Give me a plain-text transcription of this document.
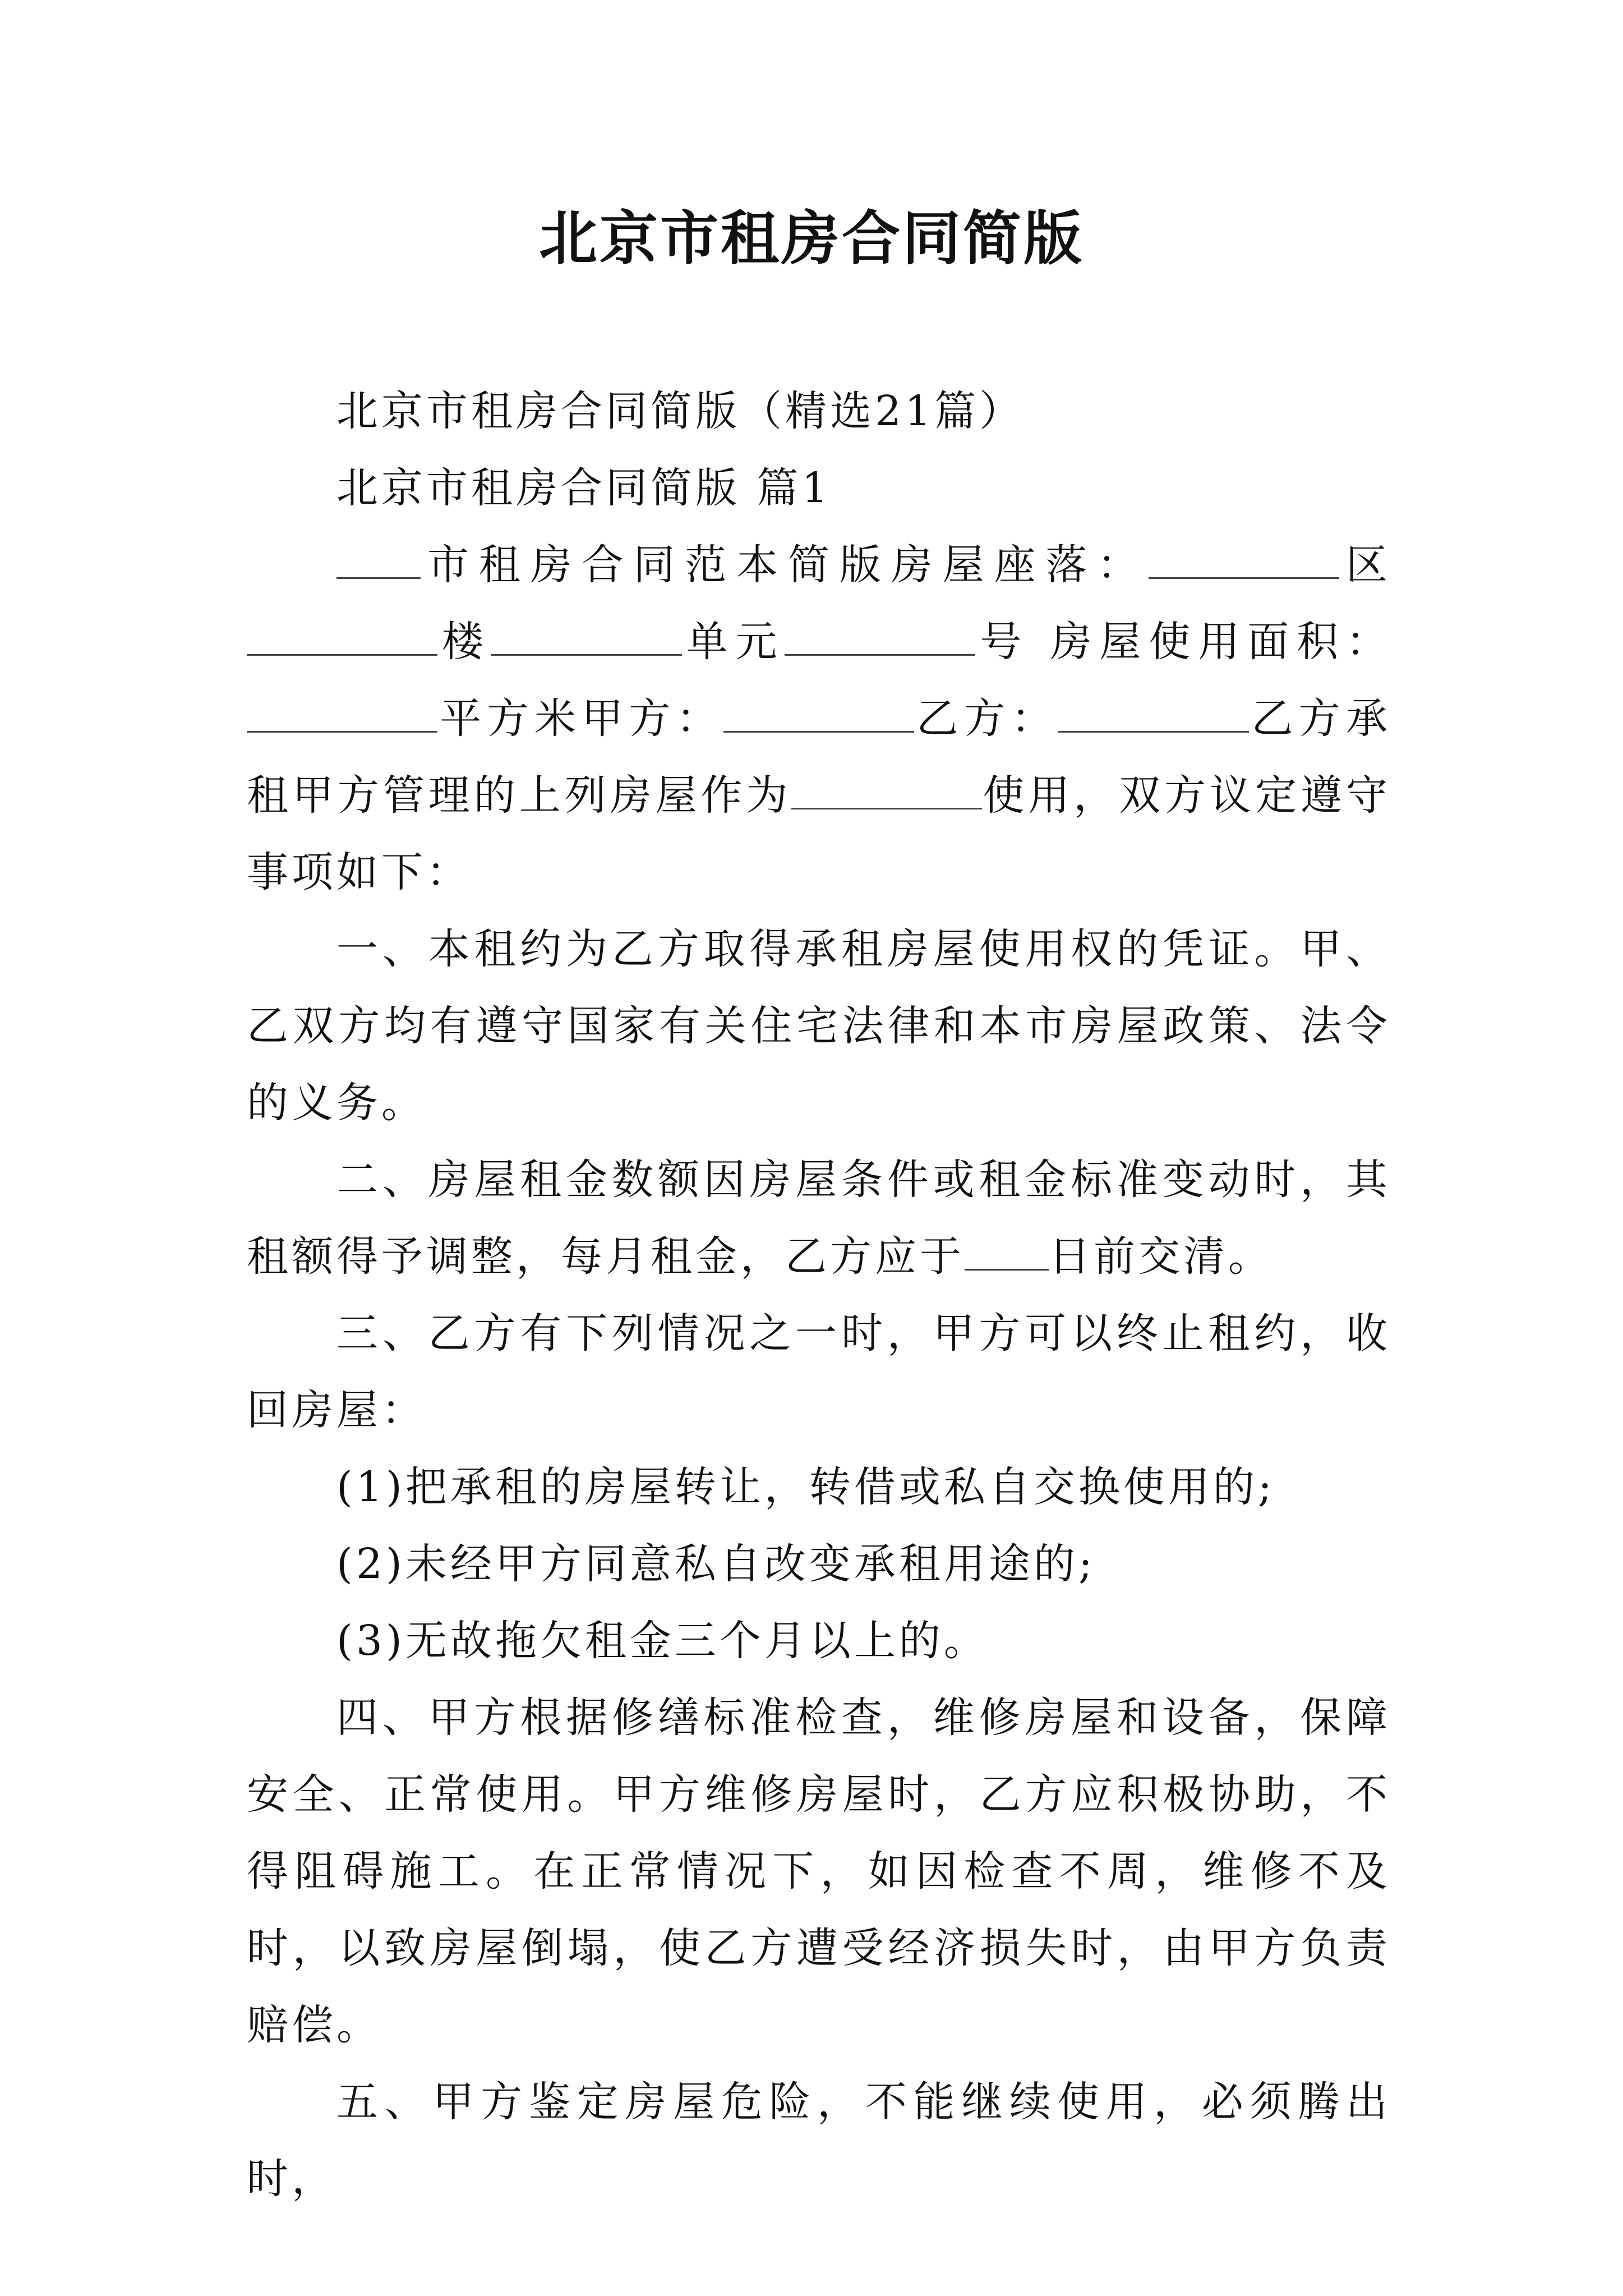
北京市租房合同简版

北京市租房合同简版（精选21篇）

北京市租房合同简版 篇1

市租房合同范本简版房屋座落：	区楼	单元	号 房屋使用面积：平方米甲方：	乙方：	乙方承租甲方管理的上列房屋作为	使用，双方议定遵守事项如下：

一、本租约为乙方取得承租房屋使用权的凭证。甲、乙双方均有遵守国家有关住宅法律和本市房屋政策、法令的义务。

二、房屋租金数额因房屋条件或租金标准变动时，其租额得予调整，每月租金，乙方应于 日前交清。

三、乙方有下列情况之一时，甲方可以终止租约，收回房屋：

(1)把承租的房屋转让，转借或私自交换使用的;

(2)未经甲方同意私自改变承租用途的;

(3)无故拖欠租金三个月以上的。

四、甲方根据修缮标准检查，维修房屋和设备，保障安全、正常使用。甲方维修房屋时，乙方应积极协助，不得阻碍施工。在正常情况下，如因检查不周，维修不及时，以致房屋倒塌，使乙方遭受经济损失时，由甲方负责赔偿。

五、甲方鉴定房屋危险，不能继续使用，必须腾出时，
